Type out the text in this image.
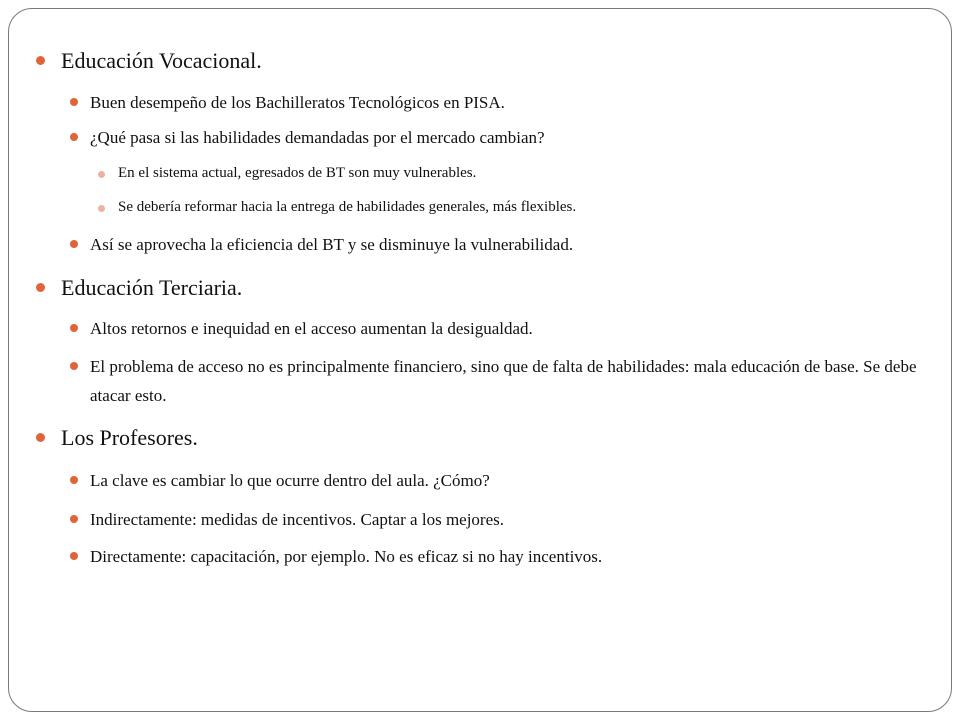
Educación Vocacional.
Buen desempeño de los Bachilleratos Tecnológicos en PISA.
¿Qué pasa si las habilidades demandadas por el mercado cambian?
En el sistema actual, egresados de BT son muy vulnerables.
Se debería reformar hacia la entrega de habilidades generales, más flexibles.
Así se aprovecha la eficiencia del BT y se disminuye la vulnerabilidad.
Educación Terciaria.
Altos retornos e inequidad en el acceso aumentan la desigualdad.
El problema de acceso no es principalmente financiero, sino que de falta de habilidades: mala educación de base. Se debe atacar esto.
Los Profesores.
La clave es cambiar lo que ocurre dentro del aula. ¿Cómo?
Indirectamente: medidas de incentivos. Captar a los mejores.
Directamente: capacitación, por ejemplo. No es eficaz si no hay incentivos.
